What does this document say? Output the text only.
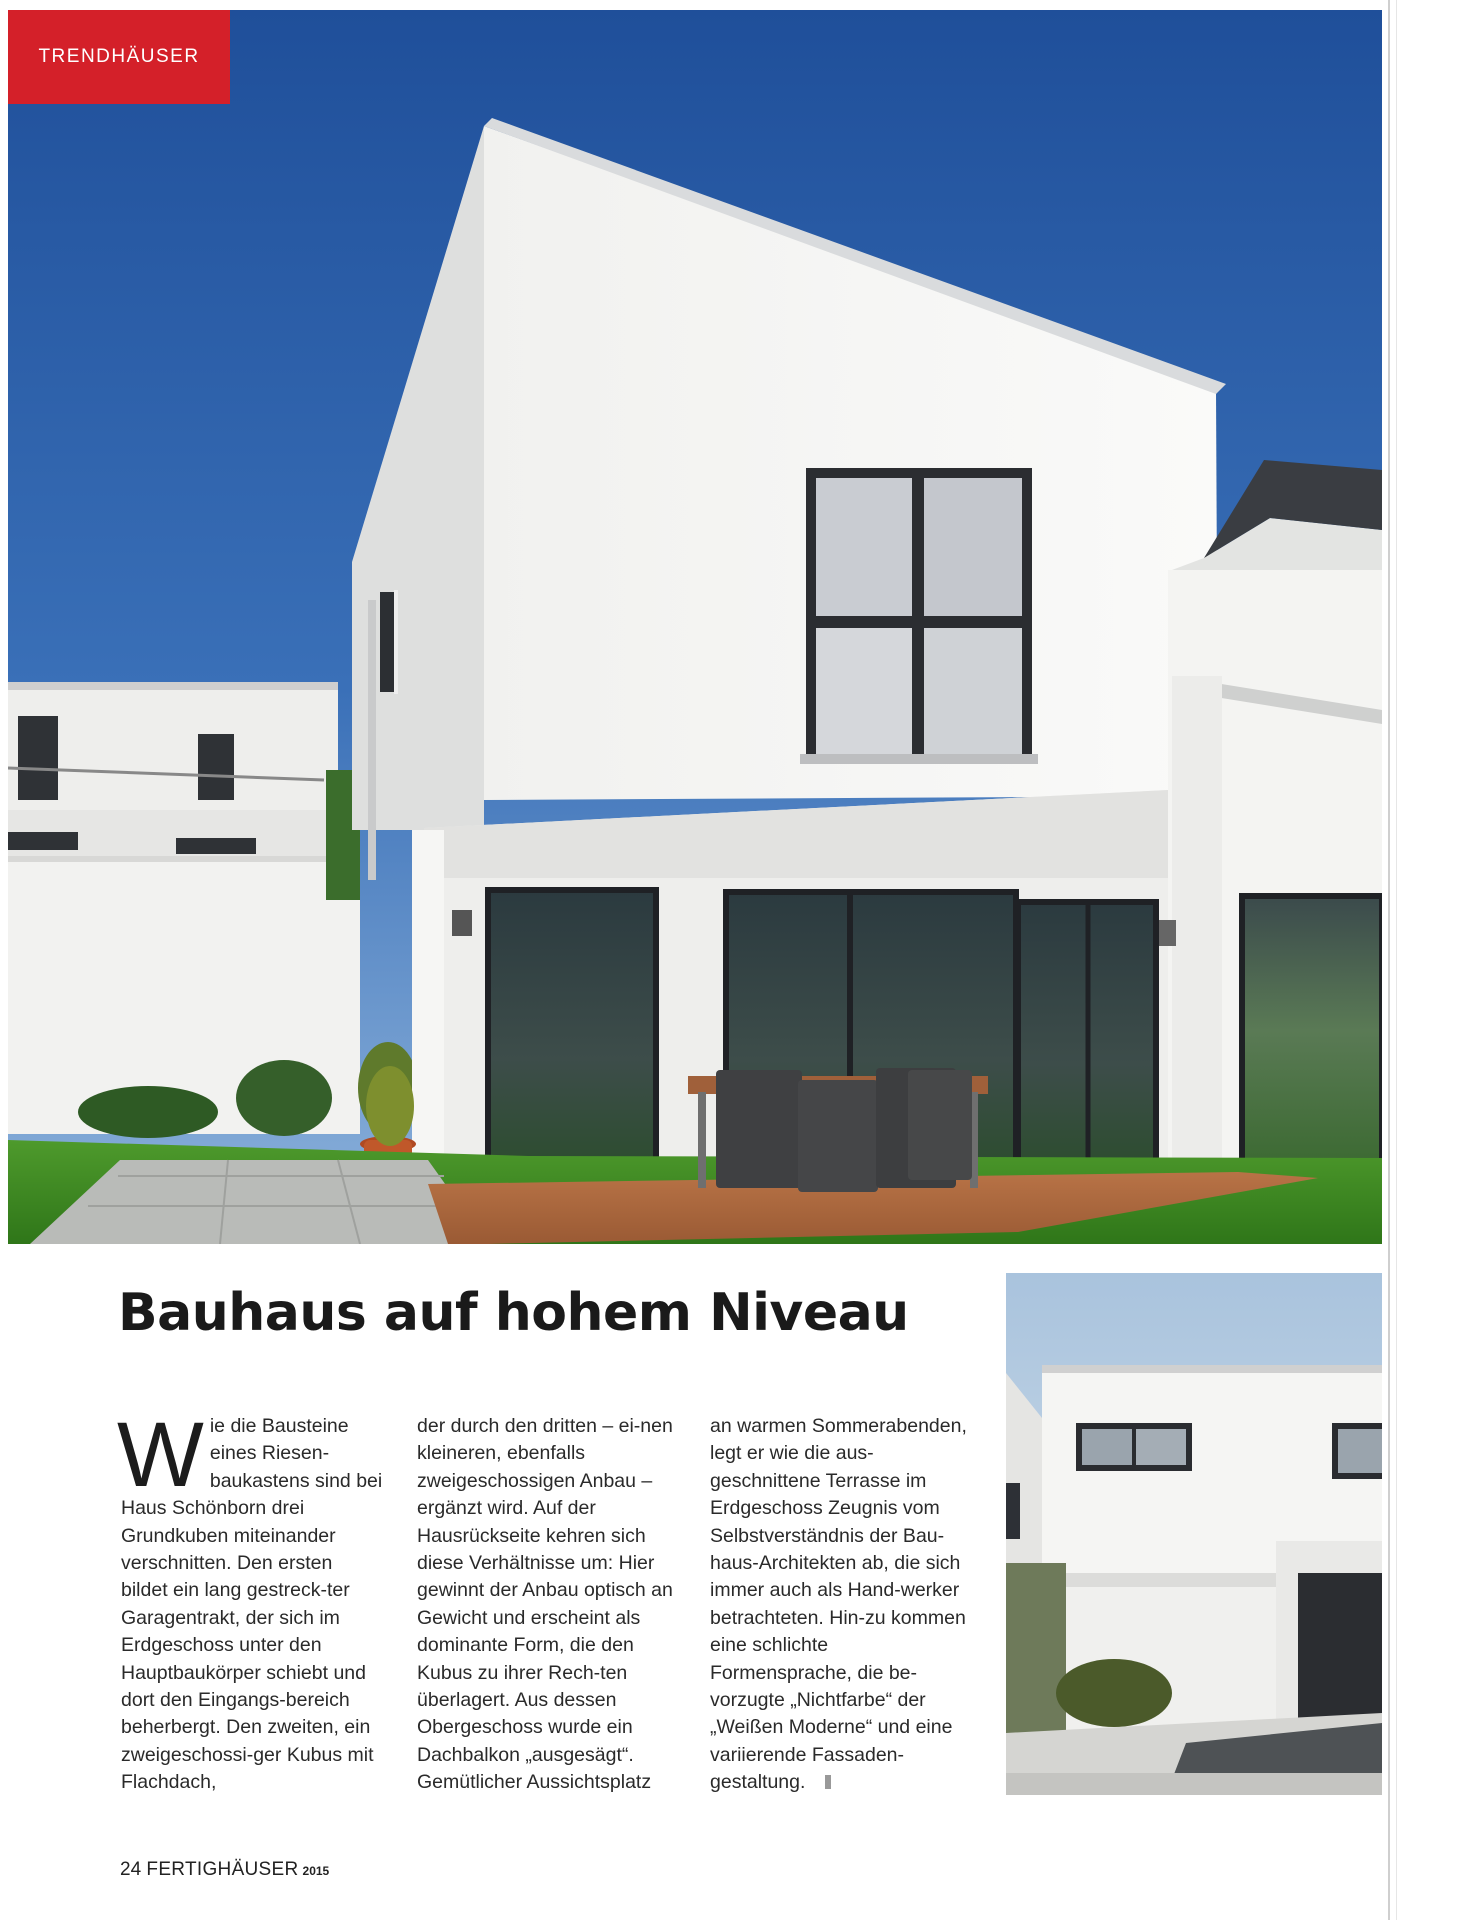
TRENDHÄUSER
Bauhaus auf hohem Niveau
W ie die Bausteine eines Riesen-baukastens sind bei Haus Schönborn drei Grundkuben miteinander verschnitten. Den ersten bildet ein lang gestreck-ter Garagentrakt, der sich im Erdgeschoss unter den Hauptbaukörper schiebt und dort den Eingangs-bereich beherbergt. Den zweiten, ein zweigeschossi-ger Kubus mit Flachdach,

der durch den dritten – ei-nen kleineren, ebenfalls zweigeschossigen Anbau – ergänzt wird. Auf der Hausrückseite kehren sich diese Verhältnisse um: Hier gewinnt der Anbau optisch an Gewicht und erscheint als dominante Form, die den Kubus zu ihrer Rech-ten überlagert. Aus dessen Obergeschoss wurde ein Dachbalkon „ausgesägt“. Gemütlicher Aussichtsplatz

an warmen Sommerabenden, legt er wie die aus-geschnittene Terrasse im Erdgeschoss Zeugnis vom Selbstverständnis der Bau-haus-Architekten ab, die sich immer auch als Hand-werker betrachteten. Hin-zu kommen eine schlichte Formensprache, die be-vorzugte „Nichtfarbe“ der „Weißen Moderne“ und eine variierende Fassaden-gestaltung.

24 FERTIGHÄUSER 2015
